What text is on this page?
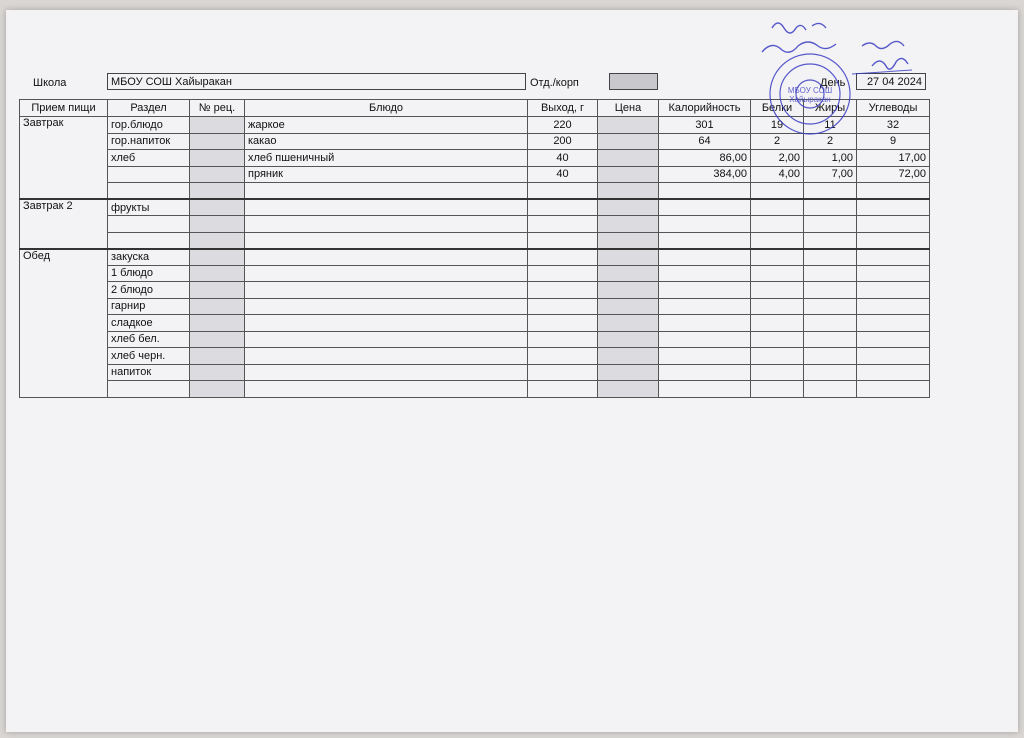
Школа	МБОУ СОШ Хайыракан	Отд./корп	День	27 04 2024
Прием пищи	Раздел	№ рец.	Блюдо	Выход, г	Цена	Калорийность	Белки	Жиры	Углеводы
Завтрак	гор.блюдо		жаркое	220		301	19	11	32
	гор.напиток		какао	200		64	2	2	9
	хлеб		хлеб пшеничный	40		86,00	2,00	1,00	17,00
			пряник	40		384,00	4,00	7,00	72,00

Завтрак 2	фрукты								

Обед	закуска								
	1 блюдо								
	2 блюдо								
	гарнир								
	сладкое								
	хлеб бел.								
	хлеб черн.								
	напиток								

МБОУ СОШ
Хайыракан
